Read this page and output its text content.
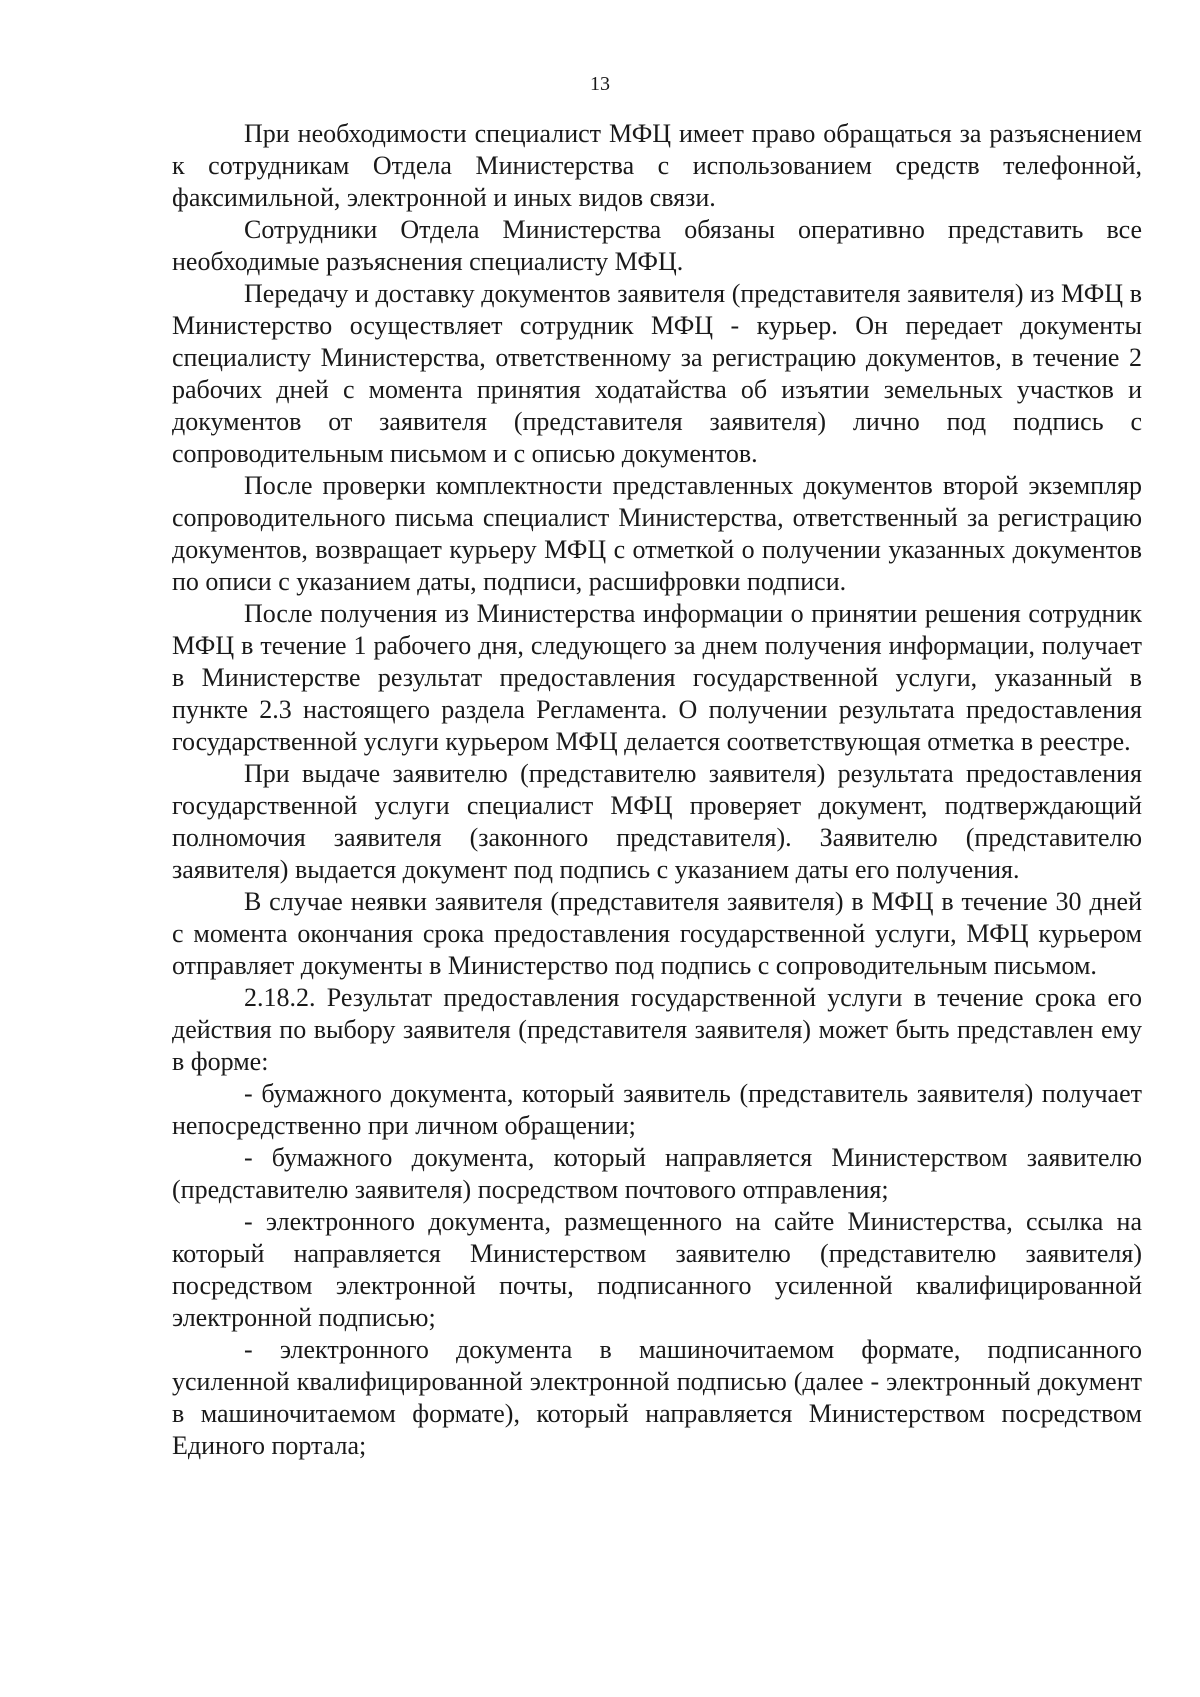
13

При необходимости специалист МФЦ имеет право обращаться за разъяснением к сотрудникам Отдела Министерства с использованием средств телефонной, факсимильной, электронной и иных видов связи.

Сотрудники Отдела Министерства обязаны оперативно представить все необходимые разъяснения специалисту МФЦ.

Передачу и доставку документов заявителя (представителя заявителя) из МФЦ в Министерство осуществляет сотрудник МФЦ - курьер. Он передает документы специалисту Министерства, ответственному за регистрацию документов, в течение 2 рабочих дней с момента принятия ходатайства об изъятии земельных участков и документов от заявителя (представителя заявителя) лично под подпись с сопроводительным письмом и с описью документов.

После проверки комплектности представленных документов второй экземпляр сопроводительного письма специалист Министерства, ответственный за регистрацию документов, возвращает курьеру МФЦ с отметкой о получении указанных документов по описи с указанием даты, подписи, расшифровки подписи.

После получения из Министерства информации о принятии решения сотрудник МФЦ в течение 1 рабочего дня, следующего за днем получения информации, получает в Министерстве результат предоставления государственной услуги, указанный в пункте 2.3 настоящего раздела Регламента. О получении результата предоставления государственной услуги курьером МФЦ делается соответствующая отметка в реестре.

При выдаче заявителю (представителю заявителя) результата предоставления государственной услуги специалист МФЦ проверяет документ, подтверждающий полномочия заявителя (законного представителя). Заявителю (представителю заявителя) выдается документ под подпись с указанием даты его получения.

В случае неявки заявителя (представителя заявителя) в МФЦ в течение 30 дней с момента окончания срока предоставления государственной услуги, МФЦ курьером отправляет документы в Министерство под подпись с сопроводительным письмом.

2.18.2. Результат предоставления государственной услуги в течение срока его действия по выбору заявителя (представителя заявителя) может быть представлен ему в форме:

- бумажного документа, который заявитель (представитель заявителя) получает непосредственно при личном обращении;

- бумажного документа, который направляется Министерством заявителю (представителю заявителя) посредством почтового отправления;

- электронного документа, размещенного на сайте Министерства, ссылка на который направляется Министерством заявителю (представителю заявителя) посредством электронной почты, подписанного усиленной квалифицированной электронной подписью;

- электронного документа в машиночитаемом формате, подписанного усиленной квалифицированной электронной подписью (далее - электронный документ в машиночитаемом формате), который направляется Министерством посредством Единого портала;
